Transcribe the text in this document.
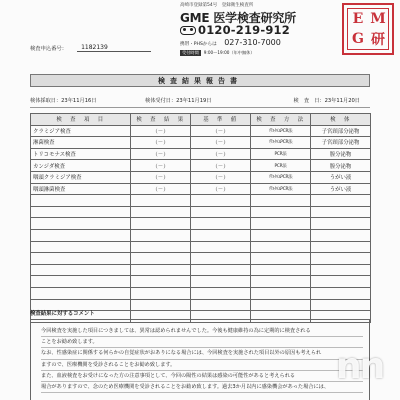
高崎市登録第54号　登録衛生検査所
GME 医学検査研究所
0120-219-912
携帯・PHSからは 027-310-7000
受付時間	9:00～19:00（年中無休）
E M
G 研
検査申込番号：	1182139
検査結果報告書
検体採取日：23年11月16日	検体受付日：23年11月19日	検　査　日：23年11月20日
検　査　項　目	検　査　結　果	基　準　値	検　査　方　法	検　体
クラミジア検査	（－）	（－）	ﾘｱﾙﾀｲﾑPCR法	子宮頸部分泌物
淋菌検査	（－）	（－）	ﾘｱﾙﾀｲﾑPCR法	子宮頸部分泌物
トリコモナス検査	（－）	（－）	PCR法	膣分泌物
カンジダ検査	（－）	（－）	PCR法	膣分泌物
咽頭クラミジア検査	（－）	（－）	ﾘｱﾙﾀｲﾑPCR法	うがい液
咽頭淋菌検査	（－）	（－）	ﾘｱﾙﾀｲﾑPCR法	うがい液

検査結果に対するコメント

今回検査を実施した項目につきましては、異常は認められませんでした。今後も健康維持の為に定期的に検査される

ことをお勧め致します。

なお、性感染症に関係する何らかの自覚症状がおありになる場合には、今回検査を実施された項目以外の原因も考えられ

ますので、医療機関を受診されることをお勧め致します。

また、血液検査をお受けになった方の注意事項として、今回の陽性の結果は感染の可能性があると考えられる

場合がありますので、念のため医療機関を受診されることをお勧め致します。過去3か月以内に感染機会があった場合には、

nn
